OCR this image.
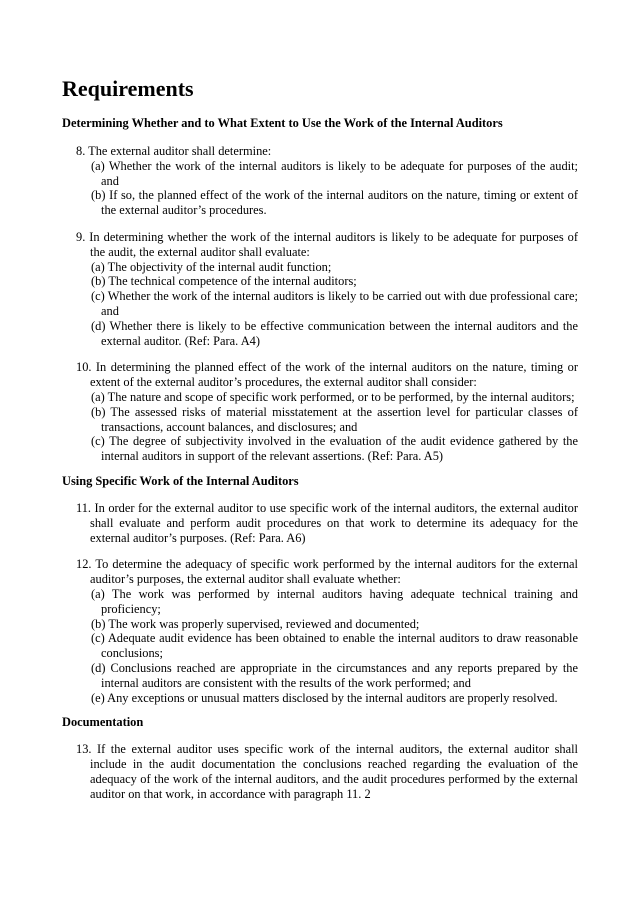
Requirements
Determining Whether and to What Extent to Use the Work of the Internal Auditors
8. The external auditor shall determine:
(a) Whether the work of the internal auditors is likely to be adequate for purposes of the audit; and
(b) If so, the planned effect of the work of the internal auditors on the nature, timing or extent of the external auditor’s procedures.
9. In determining whether the work of the internal auditors is likely to be adequate for purposes of the audit, the external auditor shall evaluate:
(a) The objectivity of the internal audit function;
(b) The technical competence of the internal auditors;
(c) Whether the work of the internal auditors is likely to be carried out with due professional care; and
(d) Whether there is likely to be effective communication between the internal auditors and the external auditor. (Ref: Para. A4)
10. In determining the planned effect of the work of the internal auditors on the nature, timing or extent of the external auditor’s procedures, the external auditor shall consider:
(a) The nature and scope of specific work performed, or to be performed, by the internal auditors;
(b) The assessed risks of material misstatement at the assertion level for particular classes of transactions, account balances, and disclosures; and
(c) The degree of subjectivity involved in the evaluation of the audit evidence gathered by the internal auditors in support of the relevant assertions. (Ref: Para. A5)
Using Specific Work of the Internal Auditors
11. In order for the external auditor to use specific work of the internal auditors, the external auditor shall evaluate and perform audit procedures on that work to determine its adequacy for the external auditor’s purposes. (Ref: Para. A6)
12. To determine the adequacy of specific work performed by the internal auditors for the external auditor’s purposes, the external auditor shall evaluate whether:
(a) The work was performed by internal auditors having adequate technical training and proficiency;
(b) The work was properly supervised, reviewed and documented;
(c) Adequate audit evidence has been obtained to enable the internal auditors to draw reasonable conclusions;
(d) Conclusions reached are appropriate in the circumstances and any reports prepared by the internal auditors are consistent with the results of the work performed; and
(e) Any exceptions or unusual matters disclosed by the internal auditors are properly resolved.
Documentation
13. If the external auditor uses specific work of the internal auditors, the external auditor shall include in the audit documentation the conclusions reached regarding the evaluation of the adequacy of the work of the internal auditors, and the audit procedures performed by the external auditor on that work, in accordance with paragraph 11. 2
